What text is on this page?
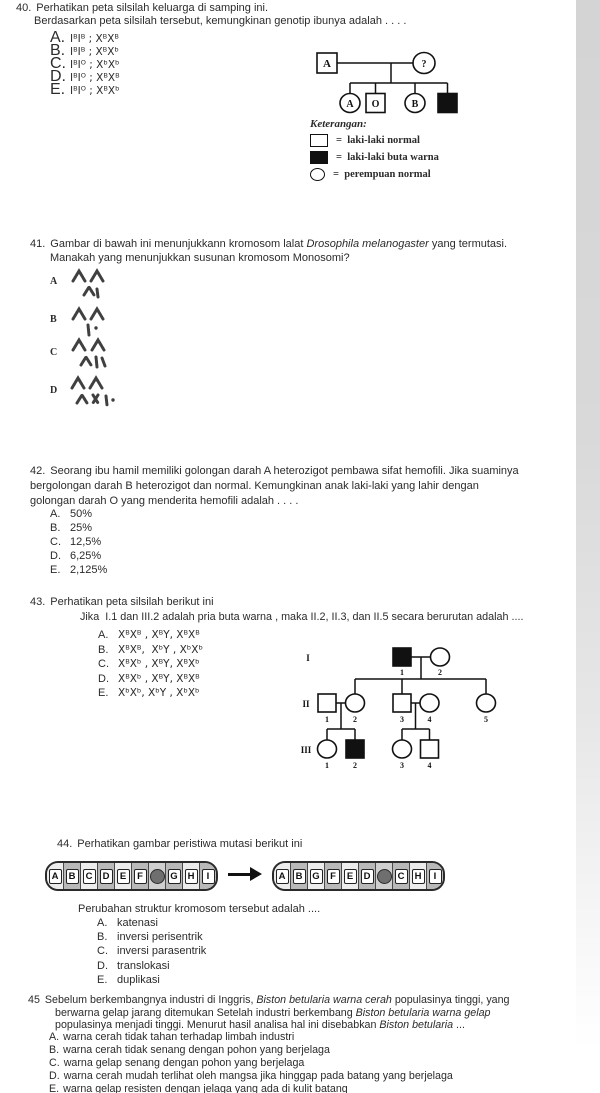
40. Perhatikan peta silsilah keluarga di samping ini.
Berdasarkan peta silsilah tersebut, kemungkinan genotip ibunya adalah . . . .
A. IᴮIᴮ ; XᴮXᴮ
B. IᴮIᴮ ; XᴮXᵇ
C. IᴮIᴼ ; XᵇXᵇ
D. IᴮIᴼ ; XᴮXᴮ
E. IᴮIᴼ ; XᴮXᵇ
A	?
A O	B
Keterangan:
=  laki-laki normal
=  laki-laki buta warna
=  perempuan normal
41. Gambar di bawah ini menunjukkann kromosom lalat Drosophila melanogaster yang termutasi.
Manakah yang menunjukkan susunan kromosom Monosomi?
A
B
C
D
42. Seorang ibu hamil memiliki golongan darah A heterozigot pembawa sifat hemofili. Jika suaminya
bergolongan darah B heterozigot dan normal. Kemungkinan anak laki-laki yang lahir dengan
golongan darah O yang menderita hemofili adalah . . . .
A. 50%
B. 25%
C. 12,5%
D. 6,25%
E. 2,125%
43. Perhatikan peta silsilah berikut ini
Jika  I.1 dan III.2 adalah pria buta warna , maka II.2, II.3, dan II.5 secara berurutan adalah ....
A. XᴮXᴮ , XᴮY, XᴮXᴮ
B. XᴮXᴮ,  XᵇY , XᵇXᵇ
C. XᴮXᵇ , XᴮY, XᴮXᵇ
D. XᴮXᵇ , XᴮY, XᴮXᴮ
E. XᵇXᵇ, XᵇY , XᵇXᵇ
I
II
III
1	2
1	2	3	4	5
1	2	3	4
44. Perhatikan gambar peristiwa mutasi berikut ini
A	B	C	D	E	F	G	H	I	A	B	G	F	E	D	C	H	I
Perubahan struktur kromosom tersebut adalah ....
A. katenasi
B. inversi perisentrik
C. inversi parasentrik
D. translokasi
E. duplikasi
45 Sebelum berkembangnya industri di Inggris, Biston betularia warna cerah populasinya tinggi, yang
berwarna gelap jarang ditemukan Setelah industri berkembang Biston betularia warna gelap
populasinya menjadi tinggi. Menurut hasil analisa hal ini disebabkan Biston betularia ...
A. warna cerah tidak tahan terhadap limbah industri
B. warna cerah tidak senang dengan pohon yang berjelaga
C. warna gelap senang dengan pohon yang berjelaga
D. warna cerah mudah terlihat oleh mangsa jika hinggap pada batang yang berjelaga
E. warna gelap resisten dengan jelaga yang ada di kulit batang
